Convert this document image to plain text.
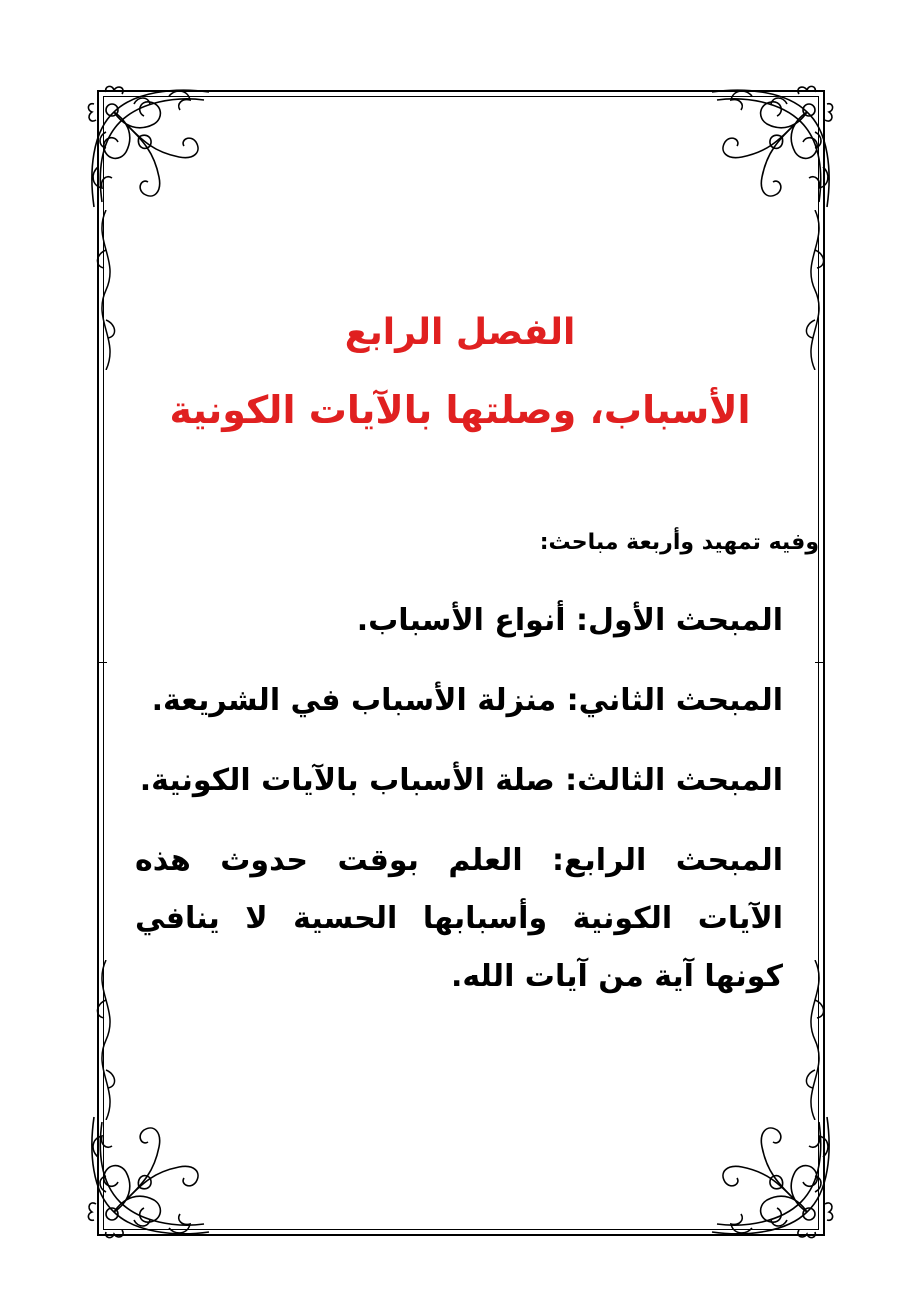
الفصل الرابع
الأسباب، وصلتها بالآيات الكونية
وفيه تمهيد وأربعة مباحث:
المبحث الأول: أنواع الأسباب.
المبحث الثاني: منزلة الأسباب في الشريعة.
المبحث الثالث: صلة الأسباب بالآيات الكونية.
المبحث الرابع: العلم بوقت حدوث هذه الآيات الكونية وأسبابها الحسية لا ينافي كونها آية من آيات الله.
